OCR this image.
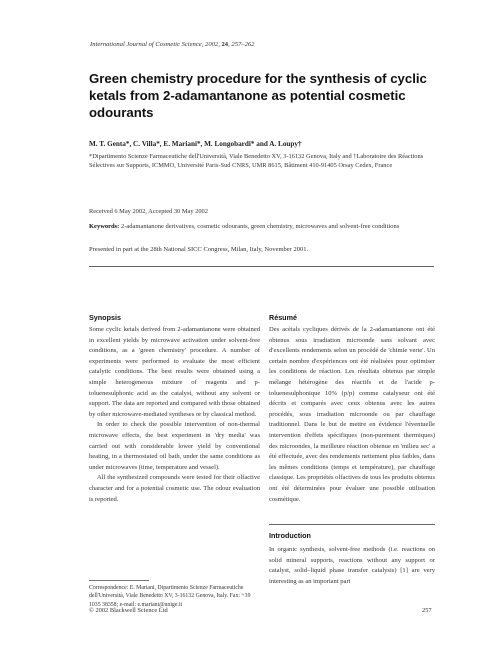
International Journal of Cosmetic Science, 2002, 24, 257–262
Green chemistry procedure for the synthesis of cyclic ketals from 2-adamantanone as potential cosmetic odourants
M. T. Genta*, C. Villa*, E. Mariani*, M. Longobardi* and A. Loupy†
*Dipartimento Scienze Farmaceutiche dell'Università, Viale Benedetto XV, 3-16132 Genova, Italy and †Laboratoire des Réactions Sélectives sur Supports, ICMMO, Université Paris-Sud CNRS, UMR 8615, Bâtiment 410-91405 Orsay Cedex, France
Received 6 May 2002, Accepted 30 May 2002
Keywords: 2-adamantanone derivatives, cosmetic odourants, green chemistry, microwaves and solvent-free conditions
Presented in part at the 28th National SICC Congress, Milan, Italy, November 2001.
Synopsis

Some cyclic ketals derived from 2-adamantanone were obtained in excellent yields by microwave activation under solvent-free conditions, as a 'green chemistry' procedure. A number of experiments were performed to evaluate the most efficient catalytic conditions. The best results were obtained using a simple heterogeneous mixture of reagents and p-toluenesulphonic acid as the catalyst, without any solvent or support. The data are reported and compared with those obtained by other microwave-mediated syntheses or by classical method.

In order to check the possible intervention of non-thermal microwave effects, the best experiment in 'dry media' was carried out with considerable lower yield by conventional heating, in a thermostated oil bath, under the same conditions as under microwaves (time, temperature and vessel).

All the synthesized compounds were tested for their olfactive character and for a potential cosmetic use. The odour evaluation is reported.

Résumé

Des acétals cycliques dérivés de la 2-adamantanone ont été obtenus sous irradiation microonde sans solvant avec d'excellents rendements selon un procédé de 'chimie verte'. Un certain nombre d'expériences ont été réalisées pour optimiser les conditions de réaction. Les résultats obtenus par simple mélange hétérogène des réactifs et de l'acide p-toluenesulphonique 10% (p/p) comme catalyseur ont été décrits et comparés avec ceux obtenus avec les autres procédés, sous irradiation microonde ou par chauffage traditionnel. Dans le but de mettre en évidence l'éventuelle intervention d'effets spécifiques (non-purement thermiques) des microondes, la meilleure réaction obtenue en 'milieu sec' a été effectuée, avec des rendements nettement plus faibles, dans les mêmes conditions (temps et température), par chauffage classique. Les propriétés olfactives de tous les produits obtenus ont été déterminées pour évaluer une possible utilisation cosmétique.

Introduction
In organic synthesis, solvent-free methods (i.e. reactions on solid mineral supports, reactions without any support or catalyst, solid–liquid phase transfer catalysis) [1] are very interesting as an important part
Correspondence: E. Mariani, Dipartimento Scienze Farmaceutiche dell'Università, Viale Benedetto XV, 3-16132 Genova, Italy. Fax: +39 1035 38358; e-mail: e.mariani@unige.it
© 2002 Blackwell Science Ltd	257
